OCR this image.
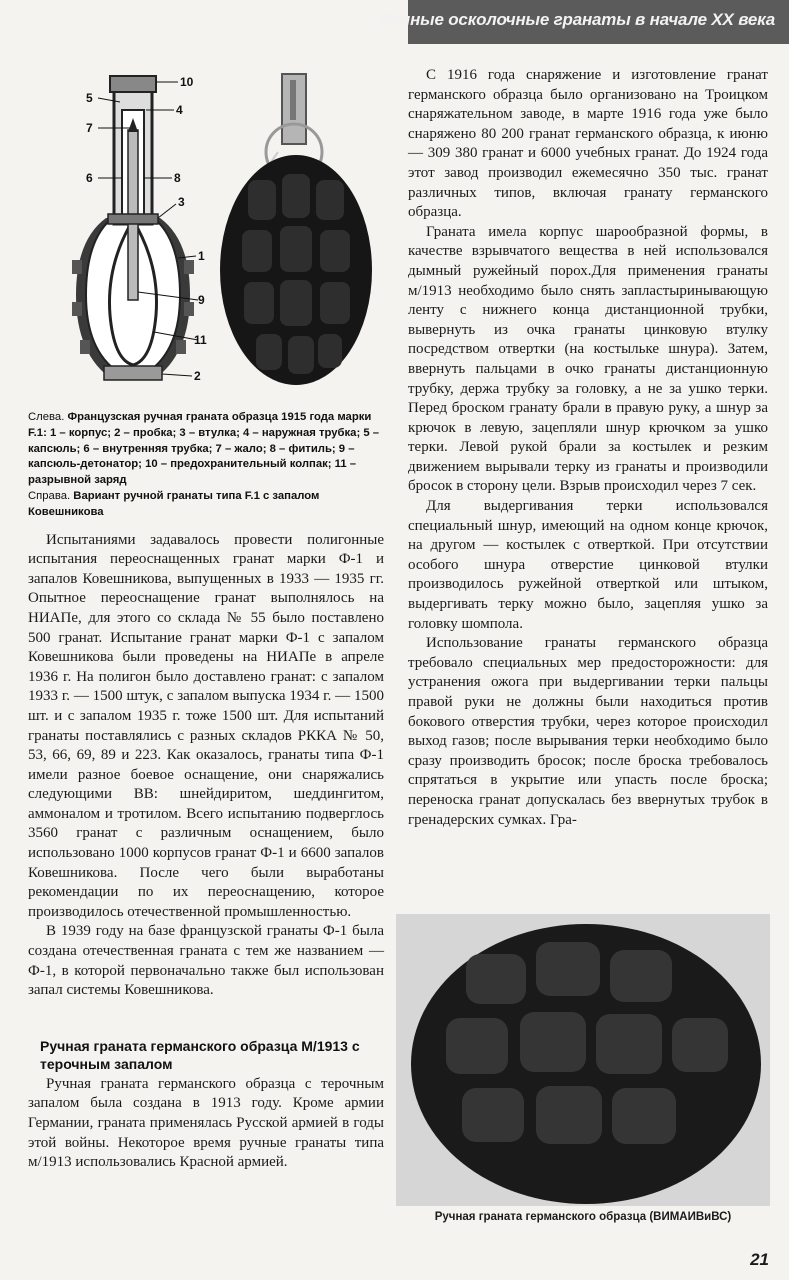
Ручные осколочные гранаты в начале XX века
10
5
4
7
6	8
3
1
9
11
2

Слева. Французская ручная граната образца 1915 года марки F.1: 1 – корпус; 2 – пробка; 3 – втулка; 4 – наружная трубка; 5 – капсюль; 6 – внутренняя трубка; 7 – жало; 8 – фитиль; 9 – капсюль-детонатор; 10 – предохранительный колпак; 11 – разрывной заряд
Справа. Вариант ручной гранаты типа F.1 с запалом Ковешникова

Испытаниями задавалось провести полигонные испытания переоснащенных гранат марки Ф-1 и запалов Ковешникова, выпущенных в 1933 — 1935 гг. Опытное переоснащение гранат выполнялось на НИАПе, для этого со склада № 55 было поставлено 500 гранат. Испытание гранат марки Ф-1 с запалом Ковешникова были проведены на НИАПе в апреле 1936 г. На полигон было доставлено гранат: с запалом 1933 г. — 1500 штук, с запалом выпуска 1934 г. — 1500 шт. и с запалом 1935 г. тоже 1500 шт. Для испытаний гранаты поставлялись с разных складов РККА № 50, 53, 66, 69, 89 и 223. Как оказалось, гранаты типа Ф-1 имели разное боевое оснащение, они снаряжались следующими ВВ: шнейдиритом, шеддингитом, аммоналом и тротилом. Всего испытанию подверглось 3560 гранат с различным оснащением, было использовано 1000 корпусов гранат Ф-1 и 6600 запалов Ковешникова. После чего были выработаны рекомендации по их переоснащению, которое производилось отечественной промышленностью.

В 1939 году на базе французской гранаты Ф-1 была создана отечественная граната с тем же названием — Ф-1, в которой первоначально также был использован запал системы Ковешникова.

Ручная граната германского образца М/1913 с терочным запалом

Ручная граната германского образца с терочным запалом была создана в 1913 году. Кроме армии Германии, граната применялась Русской армией в годы этой войны. Некоторое время ручные гранаты типа м/1913 использовались Красной армией.

С 1916 года снаряжение и изготовление гранат германского образца было организовано на Троицком снаряжательном заводе, в марте 1916 года уже было снаряжено 80 200 гранат германского образца, к июню — 309 380 гранат и 6000 учебных гранат. До 1924 года этот завод производил ежемесячно 350 тыс. гранат различных типов, включая гранату германского образца.

Граната имела корпус шарообразной формы, в качестве взрывчатого вещества в ней использовался дымный ружейный порох.Для применения гранаты м/1913 необходимо было снять запластыринывающую ленту с нижнего конца дистанционной трубки, вывернуть из очка гранаты цинковую втулку посредством отвертки (на костыльке шнура). Затем, ввернуть пальцами в очко гранаты дистанционную трубку, держа трубку за головку, а не за ушко терки. Перед броском гранату брали в правую руку, а шнур за крючок в левую, зацепляли шнур крючком за ушко терки. Левой рукой брали за костылек и резким движением вырывали терку из гранаты и производили бросок в сторону цели. Взрыв происходил через 7 сек.

Для выдергивания терки использовался специальный шнур, имеющий на одном конце крючок, на другом — костылек с отверткой. При отсутствии особого шнура отверстие цинковой втулки производилось ружейной отверткой или штыком, выдергивать терку можно было, зацепляя ушко за головку шомпола.

Использование гранаты германского образца требовало специальных мер предосторожности: для устранения ожога при выдергивании терки пальцы правой руки не должны были находиться против бокового отверстия трубки, через которое происходил выход газов; после вырывания терки необходимо было сразу производить бросок; после броска требовалось спрятаться в укрытие или упасть после броска; переноска гранат допускалась без ввернутых трубок в гренадерских сумках. Гра-

Ручная граната германского образца (ВИМАИВиВС)

21
